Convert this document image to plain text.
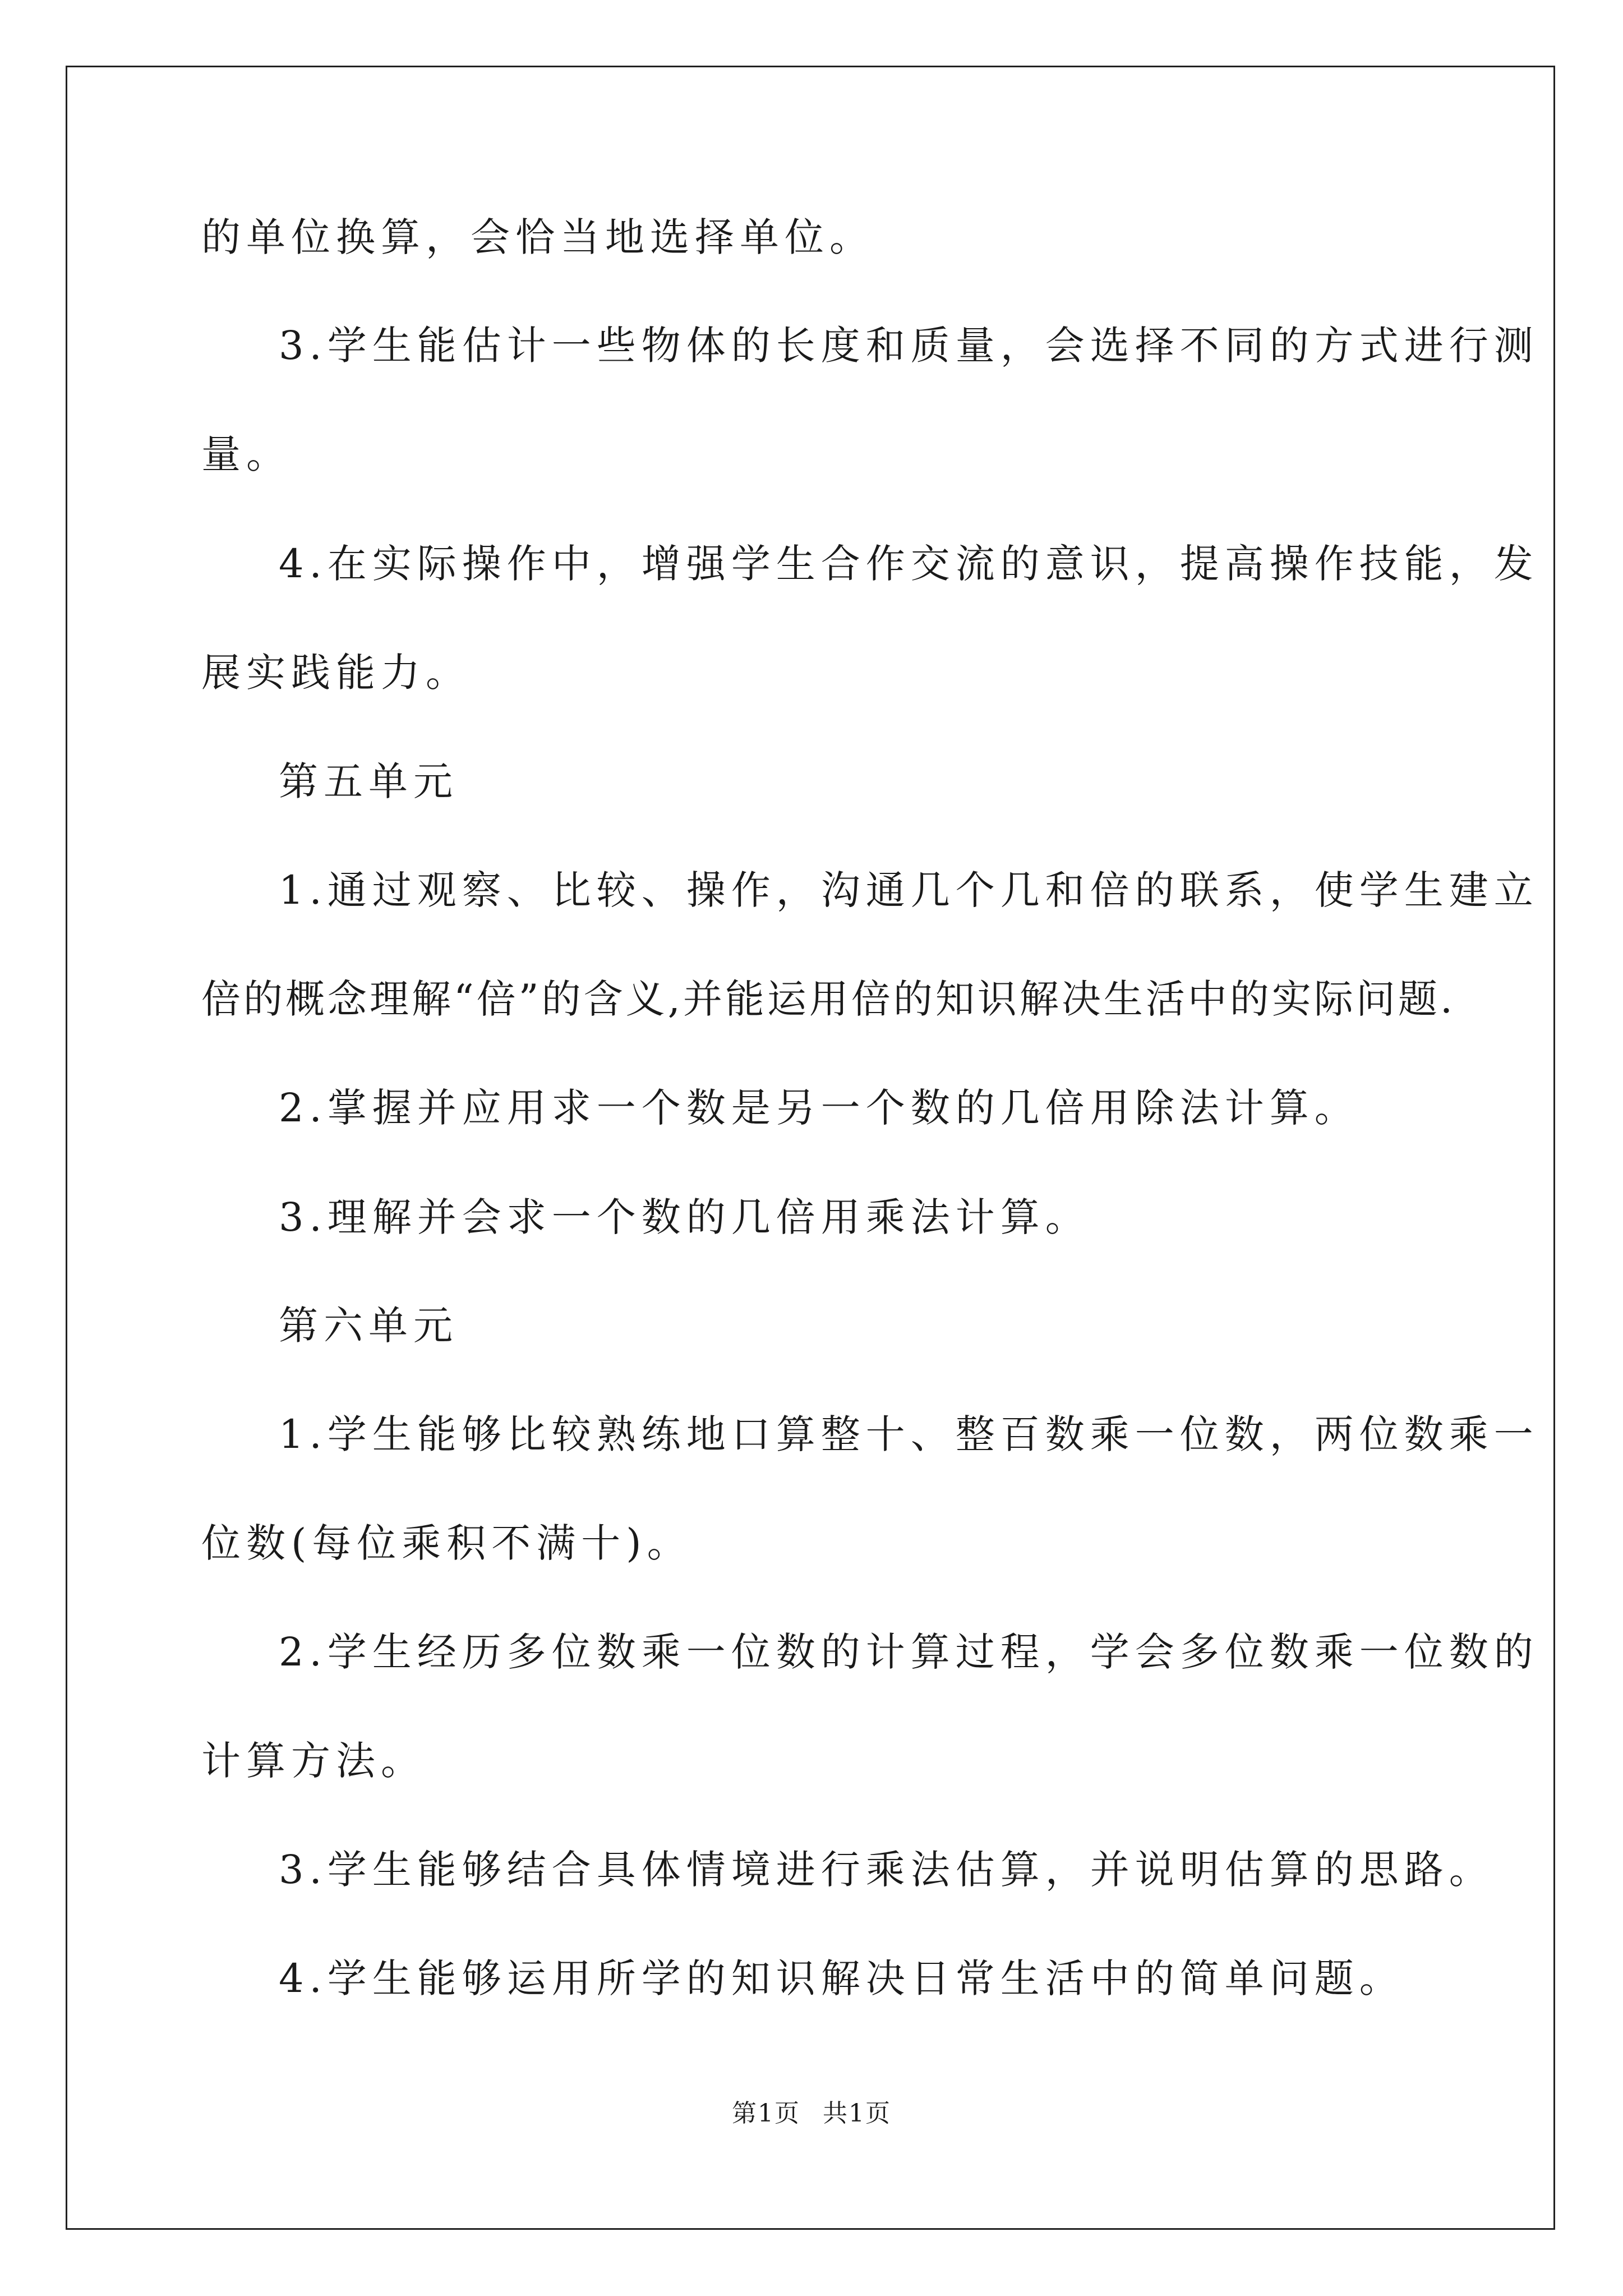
的单位换算，会恰当地选择单位。
3.学生能估计一些物体的长度和质量，会选择不同的方式进行测
量。
4.在实际操作中，增强学生合作交流的意识，提高操作技能，发
展实践能力。
第五单元
1.通过观察、比较、操作，沟通几个几和倍的联系，使学生建立
倍的概念理解“倍”的含义,并能运用倍的知识解决生活中的实际问题.
2.掌握并应用求一个数是另一个数的几倍用除法计算。
3.理解并会求一个数的几倍用乘法计算。
第六单元
1.学生能够比较熟练地口算整十、整百数乘一位数，两位数乘一
位数(每位乘积不满十)。
2.学生经历多位数乘一位数的计算过程，学会多位数乘一位数的
计算方法。
3.学生能够结合具体情境进行乘法估算，并说明估算的思路。
4.学生能够运用所学的知识解决日常生活中的简单问题。
第1页 共1页
